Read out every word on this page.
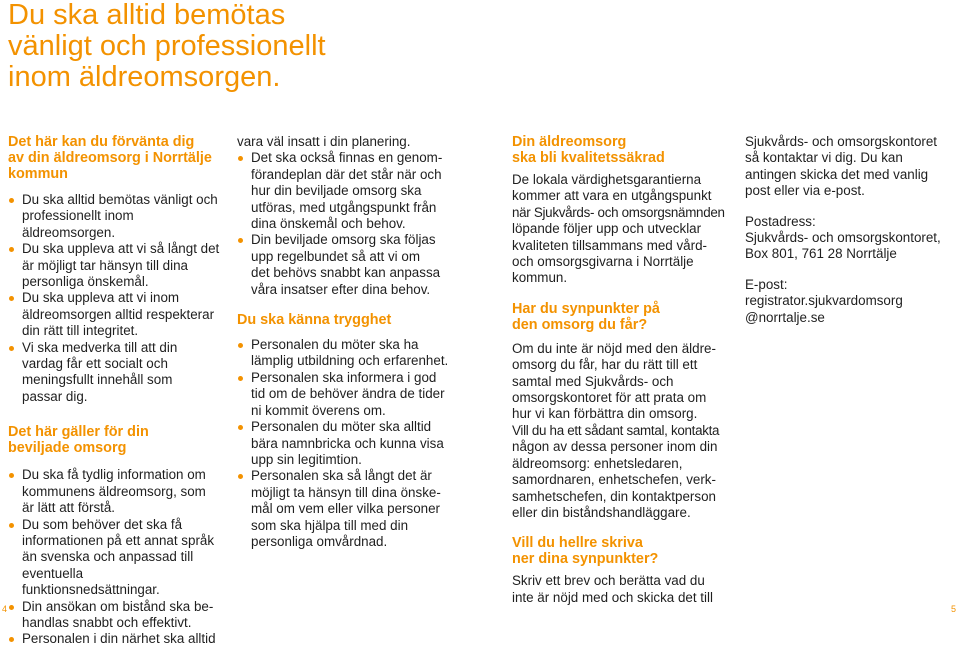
Du ska alltid bemötas
vänligt och professionellt
inom äldreomsorgen.

Det här kan du förvänta dig
av din äldreomsorg i Norrtälje
kommun

Du ska alltid bemötas vänligt och
professionellt inom äldreomsorgen.
Du ska uppleva att vi så långt det
är möjligt tar hänsyn till dina
personliga önskemål.
Du ska uppleva att vi inom
äldreomsorgen alltid respekterar
din rätt till integritet.
Vi ska medverka till att din
vardag får ett socialt och
meningsfullt innehåll som
passar dig.

Det här gäller för din
beviljade omsorg

Du ska få tydlig information om
kommunens äldreomsorg, som
är lätt att förstå.
Du som behöver det ska få
informationen på ett annat språk
än svenska och anpassad till
eventuella funktionsnedsättningar.
Din ansökan om bistånd ska be-
handlas snabbt och effektivt.
Personalen i din närhet ska alltid

vara väl insatt i din planering.

Det ska också finnas en genom-
förandeplan där det står när och
hur din beviljade omsorg ska
utföras, med utgångspunkt från
dina önskemål och behov.
Din beviljade omsorg ska följas
upp regelbundet så att vi om
det behövs snabbt kan anpassa
våra insatser efter dina behov.

Du ska känna trygghet

Personalen du möter ska ha
lämplig utbildning och erfarenhet.
Personalen ska informera i god
tid om de behöver ändra de tider
ni kommit överens om.
Personalen du möter ska alltid
bära namnbricka och kunna visa
upp sin legitimtion.
Personalen ska så långt det är
möjligt ta hänsyn till dina önske-
mål om vem eller vilka personer
som ska hjälpa till med din
personliga omvårdnad.

Din äldreomsorg
ska bli kvalitetssäkrad

De lokala värdighetsgarantierna
kommer att vara en utgångspunkt
när Sjukvårds- och omsorgsnämnden
löpande följer upp och utvecklar
kvaliteten tillsammans med vård-
och omsorgsgivarna i Norrtälje
kommun.

Har du synpunkter på
den omsorg du får?

Om du inte är nöjd med den äldre-
omsorg du får, har du rätt till ett
samtal med Sjukvårds- och
omsorgskontoret för att prata om
hur vi kan förbättra din omsorg.
Vill du ha ett sådant samtal, kontakta
någon av dessa personer inom din
äldreomsorg: enhetsledaren,
samordnaren, enhetschefen, verk-
samhetschefen, din kontaktperson
eller din biståndshandläggare.

Vill du hellre skriva
ner dina synpunkter?

Skriv ett brev och berätta vad du
inte är nöjd med och skicka det till

Sjukvårds- och omsorgskontoret
så kontaktar vi dig. Du kan
antingen skicka det med vanlig
post eller via e-post.

Postadress:
Sjukvårds- och omsorgskontoret,
Box 801, 761 28 Norrtälje

E-post:
registrator.sjukvardomsorg
@norrtalje.se

4	5
